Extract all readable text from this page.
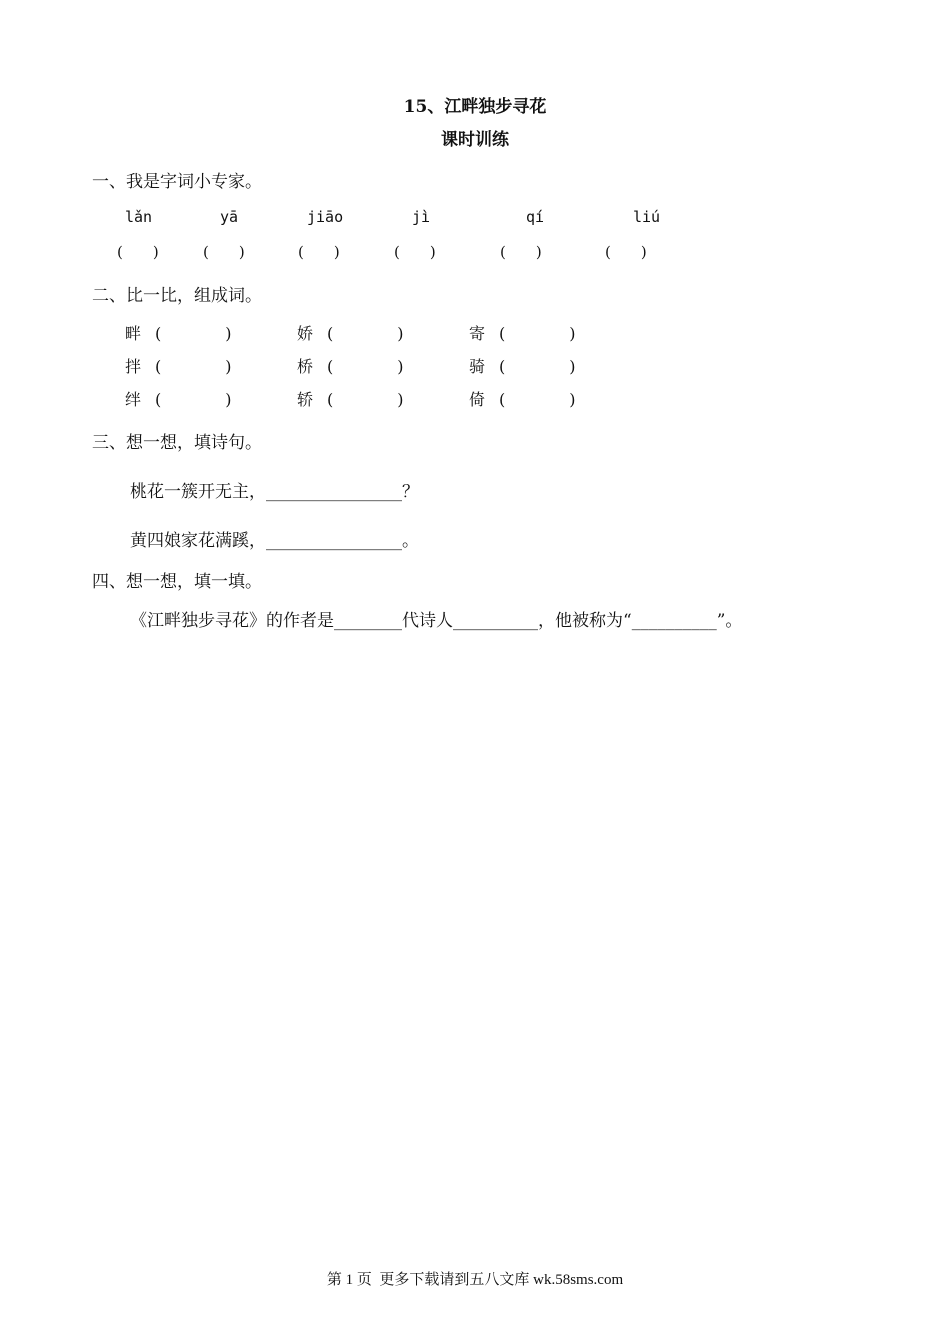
15、江畔独步寻花
课时训练
一、我是字词小专家。
lǎn	yā	jiāo	jì	qí	liú
(　　)	(　　)	(　　)	(　　)	(　　)	(　　)
二、比一比，组成词。
畔 (　　　　)	娇 (　　　　)	寄 (　　　　)
拌 (　　　　)	桥 (　　　　)	骑 (　　　　)
绊 (　　　　)	轿 (　　　　)	倚 (　　　　)
三、想一想，填诗句。
桃花一簇开无主，________________？
黄四娘家花满蹊，________________。
四、想一想，填一填。
《江畔独步寻花》的作者是________代诗人__________，他被称为“__________”。
第 1 页  更多下载请到五八文库 wk.58sms.com
